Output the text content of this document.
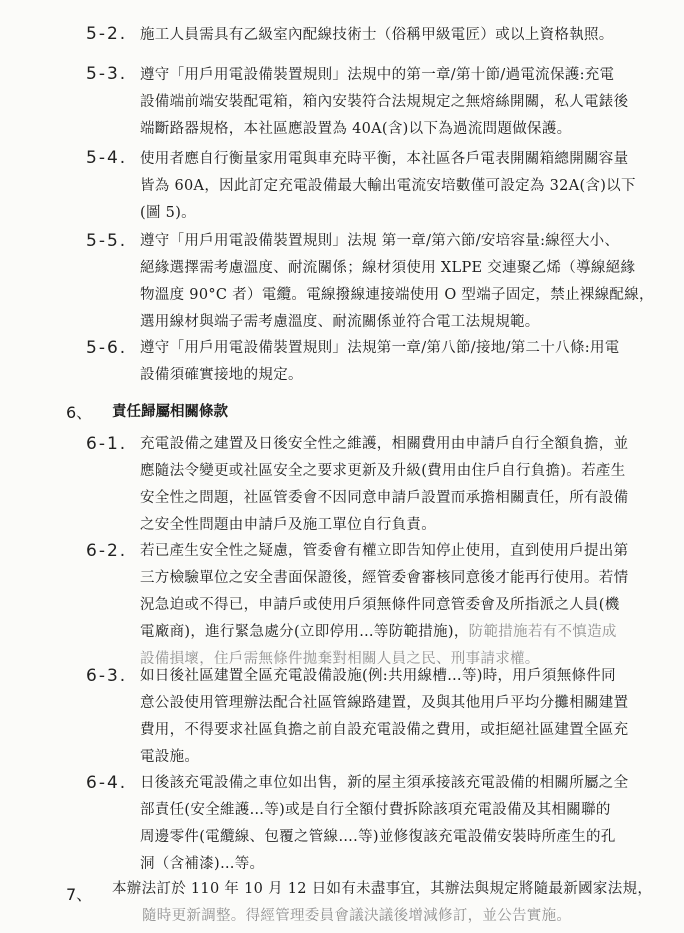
5-2. 施工人員需具有乙級室內配線技術士（俗稱甲級電匠）或以上資格執照。
5-3. 遵守「用戶用電設備裝置規則」法規中的第一章/第十節/過電流保護:充電
設備端前端安裝配電箱，箱內安裝符合法規規定之無熔絲開關，私人電錶後
端斷路器規格，本社區應設置為 40A(含)以下為過流問題做保護。
5-4. 使用者應自行衡量家用電與車充時平衡，本社區各戶電表開關箱總開關容量
皆為 60A，因此訂定充電設備最大輸出電流安培數僅可設定為 32A(含)以下
(圖 5)。
5-5. 遵守「用戶用電設備裝置規則」法規 第一章/第六節/安培容量:線徑大小、
絕緣選擇需考慮溫度、耐流關係；線材須使用 XLPE 交連聚乙烯（導線絕緣
物溫度 90°C 者）電纜。電線撥線連接端使用 O 型端子固定，禁止裸線配線，
選用線材與端子需考慮溫度、耐流關係並符合電工法規規範。
5-6. 遵守「用戶用電設備裝置規則」法規第一章/第八節/接地/第二十八條:用電
設備須確實接地的規定。
6、 責任歸屬相關條款
6-1. 充電設備之建置及日後安全性之維護，相關費用由申請戶自行全額負擔，並
應隨法令變更或社區安全之要求更新及升級(費用由住戶自行負擔)。若產生
安全性之問題，社區管委會不因同意申請戶設置而承擔相關責任，所有設備
之安全性問題由申請戶及施工單位自行負責。
6-2. 若已產生安全性之疑慮，管委會有權立即告知停止使用，直到使用戶提出第
三方檢驗單位之安全書面保證後，經管委會審核同意後才能再行使用。若情
況急迫或不得已，申請戶或使用戶須無條件同意管委會及所指派之人員(機
電廠商)，進行緊急處分(立即停用…等防範措施)，防範措施若有不慎造成
設備損壞，住戶需無條件拋棄對相關人員之民、刑事請求權。
6-3. 如日後社區建置全區充電設備設施(例:共用線槽…等)時，用戶須無條件同
意公設使用管理辦法配合社區管線路建置，及與其他用戶平均分攤相關建置
費用，不得要求社區負擔之前自設充電設備之費用，或拒絕社區建置全區充
電設施。
6-4. 日後該充電設備之車位如出售，新的屋主須承接該充電設備的相關所屬之全
部責任(安全維護…等)或是自行全額付費拆除該項充電設備及其相關聯的
周邊零件(電纜線、包覆之管線….等)並修復該充電設備安裝時所產生的孔
洞（含補漆)…等。
7、 本辦法訂於 110 年 10 月 12 日如有未盡事宜，其辦法與規定將隨最新國家法規，
隨時更新調整。得經管理委員會議決議後增減修訂，並公告實施。
